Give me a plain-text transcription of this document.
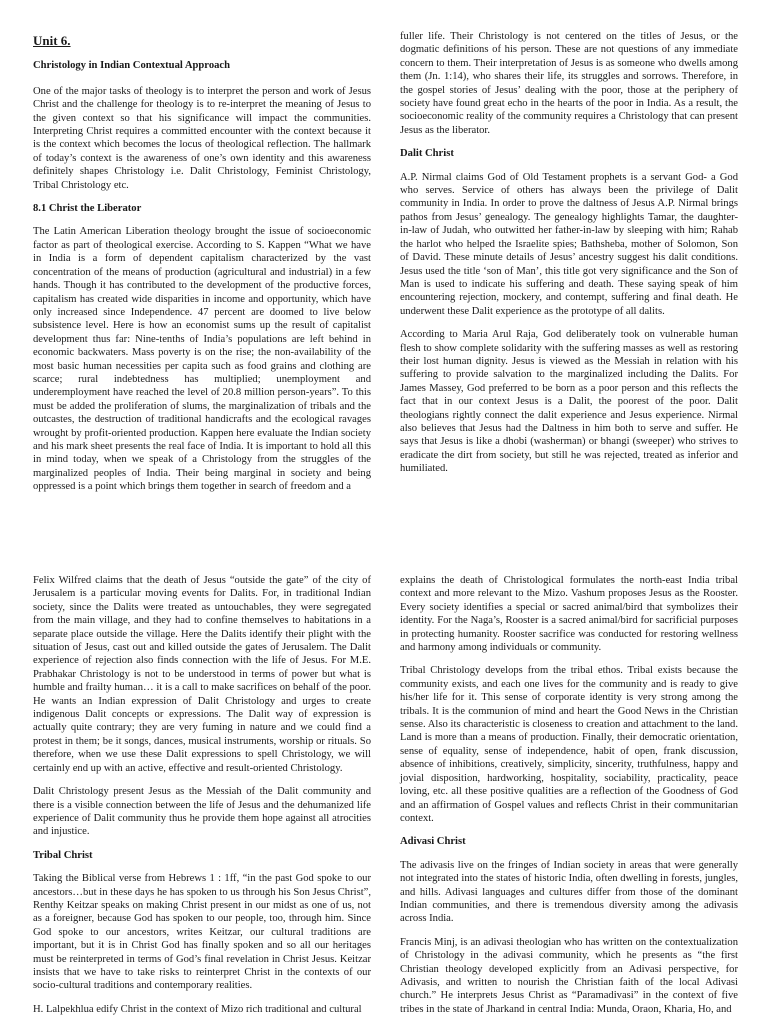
Unit 6.
Christology in Indian Contextual Approach

One of the major tasks of theology is to interpret the person and work of Jesus Christ and the challenge for theology is to re-interpret the meaning of Jesus to the given context so that his significance will impact the communities. Interpreting Christ requires a committed encounter with the context because it is the context which becomes the locus of theological reflection. The hallmark of today’s context is the awareness of one’s own identity and this awareness definitely shapes Christology i.e. Dalit Christology, Feminist Christology, Tribal Christology etc.

8.1 Christ the Liberator

The Latin American Liberation theology brought the issue of socioeconomic factor as part of theological exercise. According to S. Kappen “What we have in India is a form of dependent capitalism characterized by the vast concentration of the means of production (agricultural and industrial) in a few hands. Though it has contributed to the development of the productive forces, capitalism has created wide disparities in income and opportunity, which have only increased since Independence. 47 percent are doomed to live below subsistence level. Here is how an economist sums up the result of capitalist development thus far: Nine-tenths of India’s populations are left behind in economic backwaters. Mass poverty is on the rise; the non-availability of the most basic human necessities per capita such as food grains and clothing are scarce; rural indebtedness has multiplied; unemployment and underemployment have reached the level of 20.8 million person-years”. To this must be added the proliferation of slums, the marginalization of tribals and the outcastes, the destruction of traditional handicrafts and the ecological ravages wrought by profit-oriented production. Kappen here evaluate the Indian society and his mark sheet presents the real face of India. It is important to hold all this in mind today, when we speak of a Christology from the struggles of the marginalized peoples of India. Their being marginal in society and being oppressed is a point which brings them together in search of freedom and a

fuller life. Their Christology is not centered on the titles of Jesus, or the dogmatic definitions of his person. These are not questions of any immediate concern to them. Their interpretation of Jesus is as someone who dwells among them (Jn. 1:14), who shares their life, its struggles and sorrows. Therefore, in the gospel stories of Jesus’ dealing with the poor, those at the periphery of society have found great echo in the hearts of the poor in India. As a result, the socioeconomic reality of the community requires a Christology that can present Jesus as the liberator.

Dalit Christ

A.P. Nirmal claims God of Old Testament prophets is a servant God- a God who serves. Service of others has always been the privilege of Dalit community in India. In order to prove the daltness of Jesus A.P. Nirmal brings pathos from Jesus’ genealogy. The genealogy highlights Tamar, the daughter-in-law of Judah, who outwitted her father-in-law by sleeping with him; Rahab the harlot who helped the Israelite spies; Bathsheba, mother of Solomon, Son of David. These minute details of Jesus’ ancestry suggest his dalit conditions. Jesus used the title ‘son of Man’, this title got very significance and the Son of Man is used to indicate his suffering and death. These saying speak of him encountering rejection, mockery, and contempt, suffering and final death. He underwent these Dalit experience as the prototype of all dalits.

According to Maria Arul Raja, God deliberately took on vulnerable human flesh to show complete solidarity with the suffering masses as well as restoring their lost human dignity. Jesus is viewed as the Messiah in relation with his suffering to provide salvation to the marginalized including the Dalits. For James Massey, God preferred to be born as a poor person and this reflects the fact that in our context Jesus is a Dalit, the poorest of the poor. Dalit theologians rightly connect the dalit experience and Jesus experience. Nirmal also believes that Jesus had the Daltness in him both to serve and suffer. He says that Jesus is like a dhobi (washerman) or bhangi (sweeper) who strives to eradicate the dirt from society, but still he was rejected, treated as inferior and humiliated.

Felix Wilfred claims that the death of Jesus “outside the gate” of the city of Jerusalem is a particular moving events for Dalits. For, in traditional Indian society, since the Dalits were treated as untouchables, they were segregated from the main village, and they had to confine themselves to habitations in a separate place outside the village. Here the Dalits identify their plight with the situation of Jesus, cast out and killed outside the gates of Jerusalem. The Dalit experience of rejection also finds connection with the life of Jesus. For M.E. Prabhakar Christology is not to be understood in terms of power but what is humble and frailty human… it is a call to make sacrifices on behalf of the poor. He wants an Indian expression of Dalit Christology and urges to create indigenous Dalit concepts or expressions. The Dalit way of expression is actually quite contrary; they are very fuming in nature and we could find a protest in them; be it songs, dances, musical instruments, worship or rituals. So therefore, when we use these Dalit expressions to spell Christology, we will certainly end up with an active, effective and result-oriented Christology.

Dalit Christology present Jesus as the Messiah of the Dalit community and there is a visible connection between the life of Jesus and the dehumanized life experience of Dalit community thus he provide them hope against all atrocities and injustice.

Tribal Christ

Taking the Biblical verse from Hebrews 1 : 1ff, “in the past God spoke to our ancestors…but in these days he has spoken to us through his Son Jesus Christ”, Renthy Keitzar speaks on making Christ present in our midst as one of us, not as a foreigner, because God has spoken to our people, too, through him. Since God spoke to our ancestors, writes Keitzar, our cultural traditions are important, but it is in Christ God has finally spoken and so all our heritages must be reinterpreted in terms of God’s final revelation in Christ Jesus. Keitzar insists that we have to take risks to reinterpret Christ in the contexts of our socio-cultural traditions and contemporary realities.

H. Lalpekhlua edify Christ in the context of Mizo rich traditional and cultural

explains the death of Christological formulates the north-east India tribal context and more relevant to the Mizo. Vashum proposes Jesus as the Rooster. Every society identifies a special or sacred animal/bird that symbolizes their identity. For the Naga’s, Rooster is a sacred animal/bird for sacrificial purposes in protecting humanity. Rooster sacrifice was conducted for restoring wellness and harmony among individuals or community.

Tribal Christology develops from the tribal ethos. Tribal exists because the community exists, and each one lives for the community and is ready to give his/her life for it. This sense of corporate identity is very strong among the tribals. It is the communion of mind and heart the Good News in the Christian sense. Also its characteristic is closeness to creation and attachment to the land. Land is more than a means of production. Finally, their democratic orientation, sense of equality, sense of independence, habit of open, frank discussion, absence of inhibitions, creatively, simplicity, sincerity, truthfulness, happy and jovial disposition, hardworking, hospitality, sociability, practicality, peace loving, etc. all these positive qualities are a reflection of the Goodness of God and an affirmation of Gospel values and reflects Christ in their communitarian context.

Adivasi Christ

The adivasis live on the fringes of Indian society in areas that were generally not integrated into the states of historic India, often dwelling in forests, jungles, and hills. Adivasi languages and cultures differ from those of the dominant Indian communities, and there is tremendous diversity among the adivasis across India.

Francis Minj, is an adivasi theologian who has written on the contextualization of Christology in the adivasi community, which he presents as “the first Christian theology developed explicitly from an Adivasi perspective, for Adivasis, and written to nourish the Christian faith of the local Adivasi church.” He interprets Jesus Christ as “Paramadivasi” in the context of five tribes in the state of Jharkand in central India: Munda, Oraon, Kharia, Ho, and
